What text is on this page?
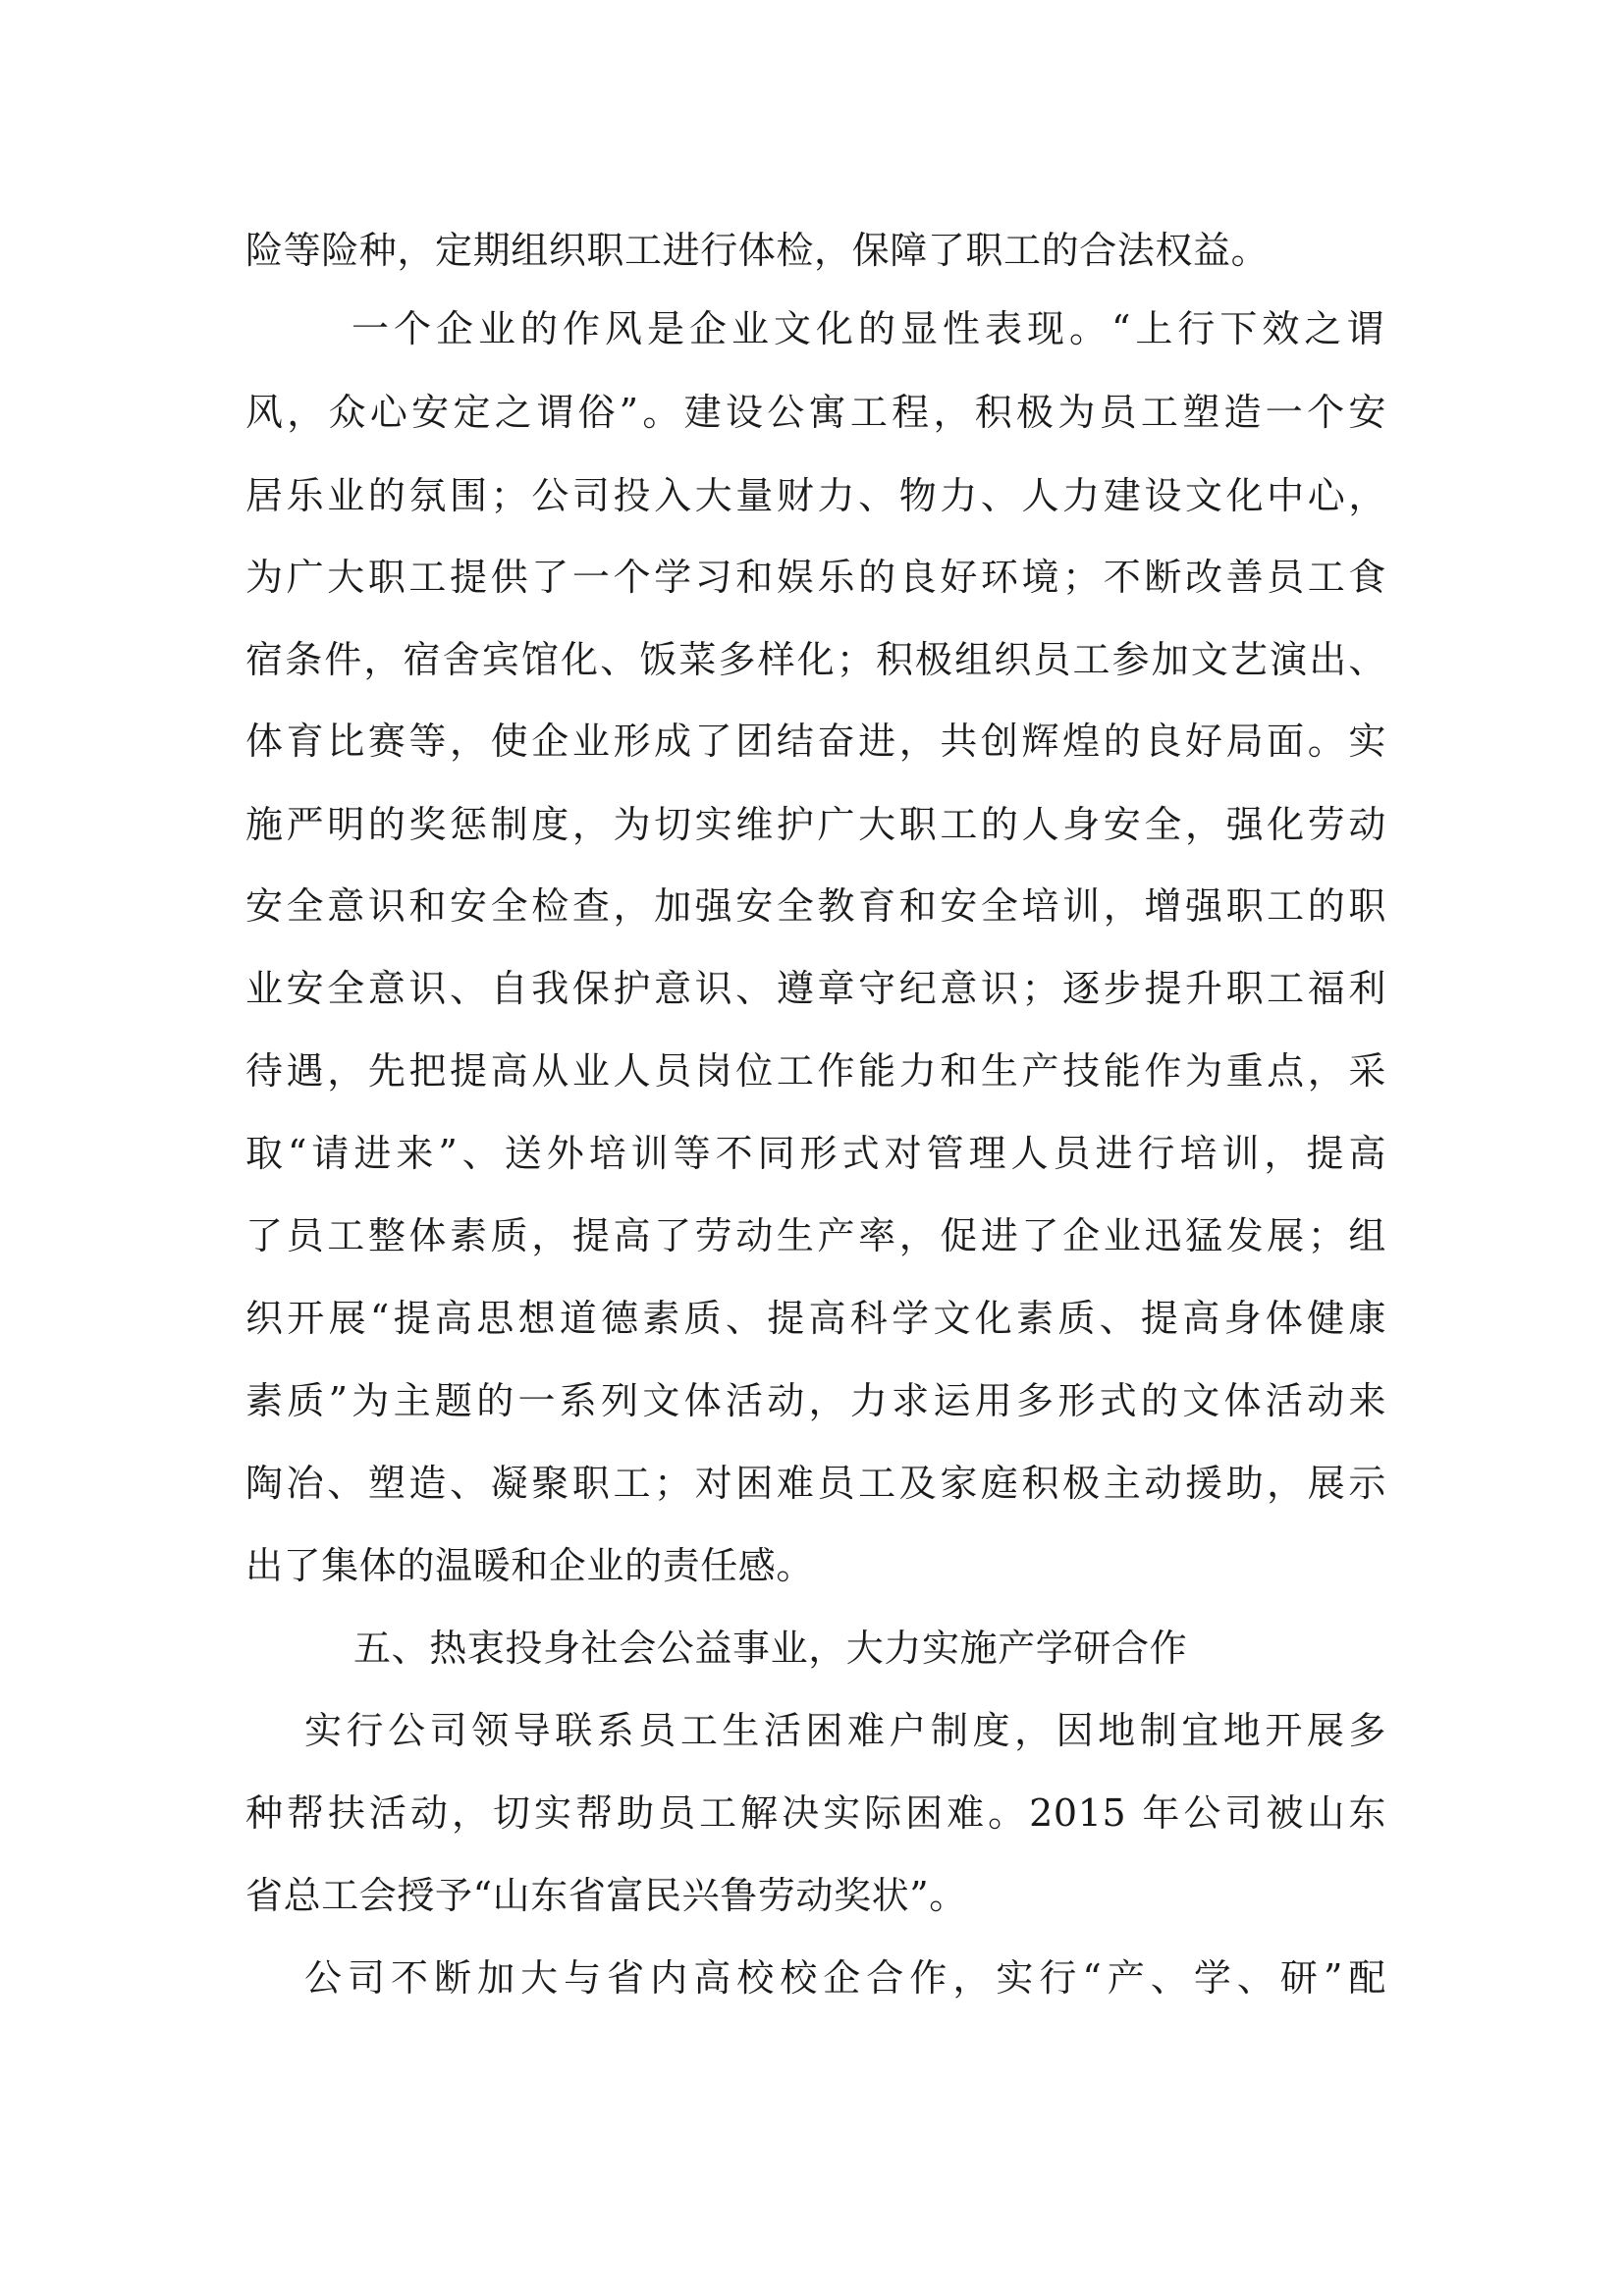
险等险种，定期组织职工进行体检，保障了职工的合法权益。
一个企业的作风是企业文化的显性表现。“上行下效之谓
风，众心安定之谓俗”。建设公寓工程，积极为员工塑造一个安
居乐业的氛围；公司投入大量财力、物力、人力建设文化中心，
为广大职工提供了一个学习和娱乐的良好环境；不断改善员工食
宿条件，宿舍宾馆化、饭菜多样化；积极组织员工参加文艺演出、
体育比赛等，使企业形成了团结奋进，共创辉煌的良好局面。实
施严明的奖惩制度，为切实维护广大职工的人身安全，强化劳动
安全意识和安全检查，加强安全教育和安全培训，增强职工的职
业安全意识、自我保护意识、遵章守纪意识；逐步提升职工福利
待遇，先把提高从业人员岗位工作能力和生产技能作为重点，采
取“请进来”、送外培训等不同形式对管理人员进行培训，提高
了员工整体素质，提高了劳动生产率，促进了企业迅猛发展；组
织开展“提高思想道德素质、提高科学文化素质、提高身体健康
素质”为主题的一系列文体活动，力求运用多形式的文体活动来
陶冶、塑造、凝聚职工；对困难员工及家庭积极主动援助，展示
出了集体的温暖和企业的责任感。
五、热衷投身社会公益事业，大力实施产学研合作
实行公司领导联系员工生活困难户制度，因地制宜地开展多
种帮扶活动，切实帮助员工解决实际困难。2015 年公司被山东
省总工会授予“山东省富民兴鲁劳动奖状”。
公司不断加大与省内高校校企合作，实行“产、学、研”配
